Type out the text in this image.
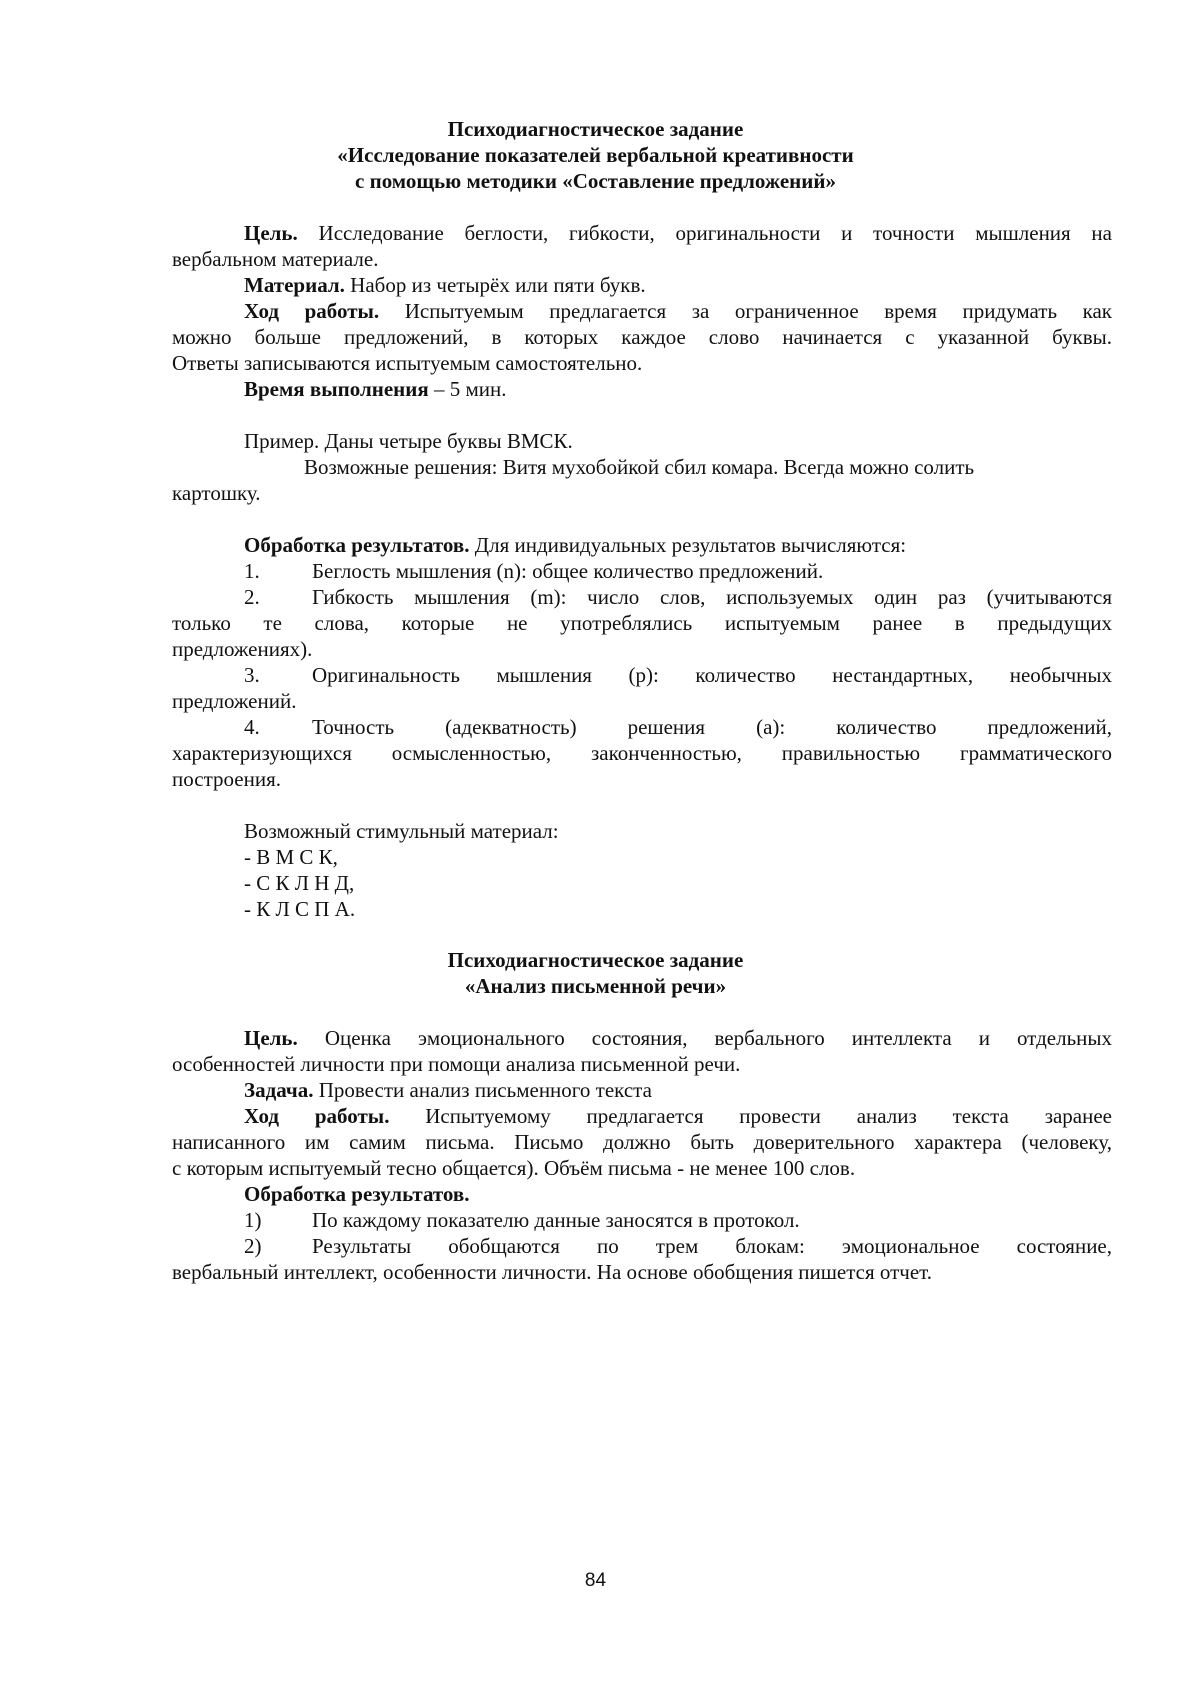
Психодиагностическое задание
«Исследование показателей вербальной креативности
с помощью методики «Составление предложений»
Цель. Исследование беглости, гибкости, оригинальности и точности мышления на
вербальном материале.
Материал. Набор из четырёх или пяти букв.
Ход работы. Испытуемым предлагается за ограниченное время придумать как
можно больше предложений, в которых каждое слово начинается с указанной буквы.
Ответы записываются испытуемым самостоятельно.
Время выполнения – 5 мин.
Пример. Даны четыре буквы ВМСК.
Возможные решения: Витя мухобойкой сбил комара. Всегда можно солить
картошку.
Обработка результатов. Для индивидуальных результатов вычисляются:
1. Беглость мышления (n): общее количество предложений.
2. Гибкость мышления (m): число слов, используемых один раз (учитываются
только те слова, которые не употреблялись испытуемым ранее в предыдущих
предложениях).
3. Оригинальность мышления (p): количество нестандартных, необычных
предложений.
4. Точность (адекватность) решения (a): количество предложений,
характеризующихся осмысленностью, законченностью, правильностью грамматического
построения.
Возможный стимульный материал:
- В М С К,
- С К Л Н Д,
- К Л С П А.
Психодиагностическое задание
«Анализ письменной речи»
Цель. Оценка эмоционального состояния, вербального интеллекта и отдельных
особенностей личности при помощи анализа письменной речи.
Задача. Провести анализ письменного текста
Ход работы. Испытуемому предлагается провести анализ текста заранее
написанного им самим письма. Письмо должно быть доверительного характера (человеку,
с которым испытуемый тесно общается). Объём письма - не менее 100 слов.
Обработка результатов.
1) По каждому показателю данные заносятся в протокол.
2) Результаты обобщаются по трем блокам: эмоциональное состояние,
вербальный интеллект, особенности личности. На основе обобщения пишется отчет.
84
